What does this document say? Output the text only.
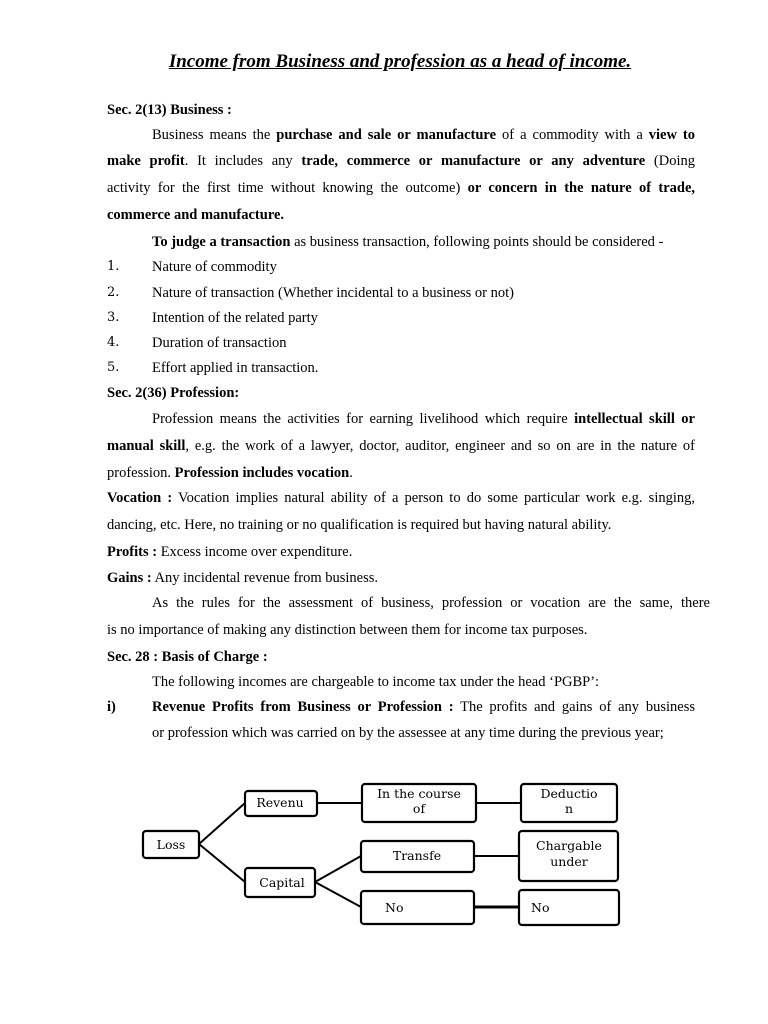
Income from Business and profession as a head of income.
Sec. 2(13) Business :
Business means the purchase and sale or manufacture of a commodity with a view to
make profit. It includes any trade, commerce or manufacture or any adventure (Doing
activity for the first time without knowing the outcome) or concern in the nature of trade,
commerce and manufacture.
To judge a transaction as business transaction, following points should be considered -
1. Nature of commodity
2. Nature of transaction (Whether incidental to a business or not)
3. Intention of the related party
4. Duration of transaction
5. Effort applied in transaction.
Sec. 2(36) Profession:
Profession means the activities for earning livelihood which require intellectual skill or
manual skill, e.g. the work of a lawyer, doctor, auditor, engineer and so on are in the nature of
profession. Profession includes vocation.
Vocation : Vocation implies natural ability of a person to do some particular work e.g. singing,
dancing, etc. Here, no training or no qualification is required but having natural ability.
Profits : Excess income over expenditure.
Gains : Any incidental revenue from business.
As the rules for the assessment of business, profession or vocation are the same, there
is no importance of making any distinction between them for income tax purposes.
Sec. 28 : Basis of Charge :
The following incomes are chargeable to income tax under the head ‘PGBP’:
i) Revenue Profits from Business or Profession : The profits and gains of any business
or profession which was carried on by the assessee at any time during the previous year;
Loss
Revenu
Capital
In the course
of
Deductio
n
Transfe
Chargable
under
No	No
